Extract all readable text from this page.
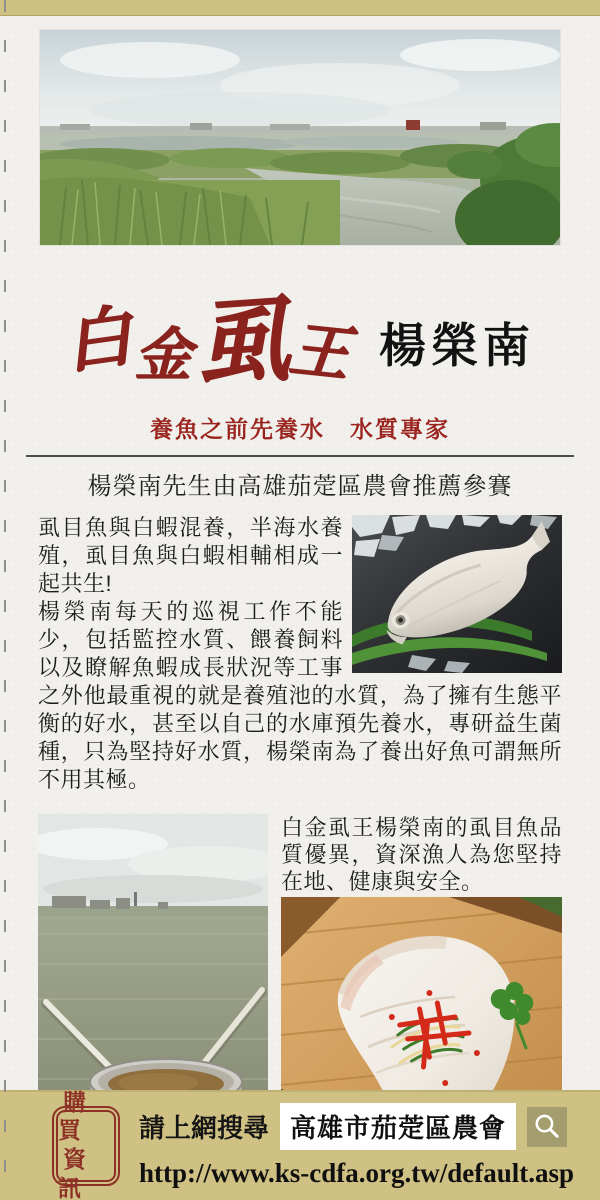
白
金 虱
王 楊榮南
養魚之前先養水　水質專家
楊榮南先生由高雄茄萣區農會推薦參賽

虱目魚與白蝦混養，半海水養殖，虱目魚與白蝦相輔相成一起共生!

楊榮南每天的巡視工作不能少，包括監控水質、餵養飼料以及瞭解魚蝦成長狀況等工事之外他最重視的就是養殖池的水質，為了擁有生態平衡的好水，甚至以自己的水庫預先養水，專研益生菌種，只為堅持好水質，楊榮南為了養出好魚可謂無所不用其極。

白金虱王楊榮南的虱目魚品質優異，資深漁人為您堅持在地、健康與安全。
購買
資訊
請上網搜尋 高雄市茄萣區農會
http://www.ks-cdfa.org.tw/default.asp
